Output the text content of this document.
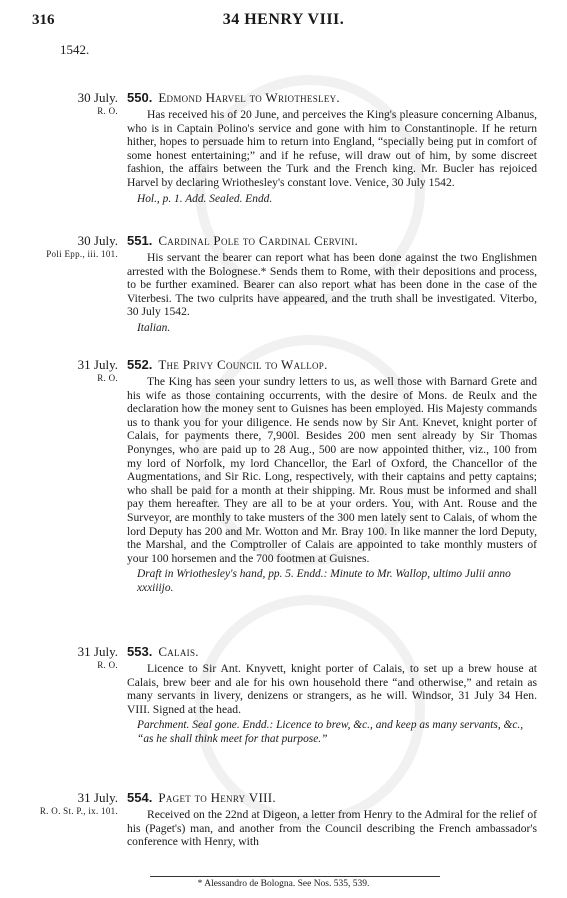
316	34 HENRY VIII.
1542.
30 July.
R. O.

550. Edmond Harvel to Wriothesley.

Has received his of 20 June, and perceives the King's pleasure concerning Albanus, who is in Captain Polino's service and gone with him to Constantinople. If he return hither, hopes to persuade him to return into England, “specially being put in comfort of some honest entertaining;” and if he refuse, will draw out of him, by some discreet fashion, the affairs between the Turk and the French king. Mr. Bucler has rejoiced Harvel by declaring Wriothesley's constant love. Venice, 30 July 1542.

Hol., p. 1. Add. Sealed. Endd.

30 July.
Poli Epp., iii. 101.

551. Cardinal Pole to Cardinal Cervini.

His servant the bearer can report what has been done against the two Englishmen arrested with the Bolognese.* Sends them to Rome, with their depositions and process, to be further examined. Bearer can also report what has been done in the case of the Viterbesi. The two culprits have appeared, and the truth shall be investigated. Viterbo, 30 July 1542.

Italian.

31 July.
R. O.

552. The Privy Council to Wallop.

The King has seen your sundry letters to us, as well those with Barnard Grete and his wife as those containing occurrents, with the desire of Mons. de Reulx and the declaration how the money sent to Guisnes has been employed. His Majesty commands us to thank you for your diligence. He sends now by Sir Ant. Knevet, knight porter of Calais, for payments there, 7,900l. Besides 200 men sent already by Sir Thomas Ponynges, who are paid up to 28 Aug., 500 are now appointed thither, viz., 100 from my lord of Norfolk, my lord Chancellor, the Earl of Oxford, the Chancellor of the Augmentations, and Sir Ric. Long, respectively, with their captains and petty captains; who shall be paid for a month at their shipping. Mr. Rous must be informed and shall pay them hereafter. They are all to be at your orders. You, with Ant. Rouse and the Surveyor, are monthly to take musters of the 300 men lately sent to Calais, of whom the lord Deputy has 200 and Mr. Wotton and Mr. Bray 100. In like manner the lord Deputy, the Marshal, and the Comptroller of Calais are appointed to take monthly musters of your 100 horsemen and the 700 footmen at Guisnes.

Draft in Wriothesley's hand, pp. 5. Endd.: Minute to Mr. Wallop, ultimo Julii anno xxxiiijo.

31 July.
R. O.

553. Calais.

Licence to Sir Ant. Knyvett, knight porter of Calais, to set up a brew house at Calais, brew beer and ale for his own household there “and otherwise,” and retain as many servants in livery, denizens or strangers, as he will. Windsor, 31 July 34 Hen. VIII. Signed at the head.

Parchment. Seal gone. Endd.: Licence to brew, &c., and keep as many servants, &c., “as he shall think meet for that purpose.”

31 July.
R. O. St. P., ix. 101.

554. Paget to Henry VIII.

Received on the 22nd at Digeon, a letter from Henry to the Admiral for the relief of his (Paget's) man, and another from the Council describing the French ambassador's conference with Henry, with

* Alessandro de Bologna. See Nos. 535, 539.
